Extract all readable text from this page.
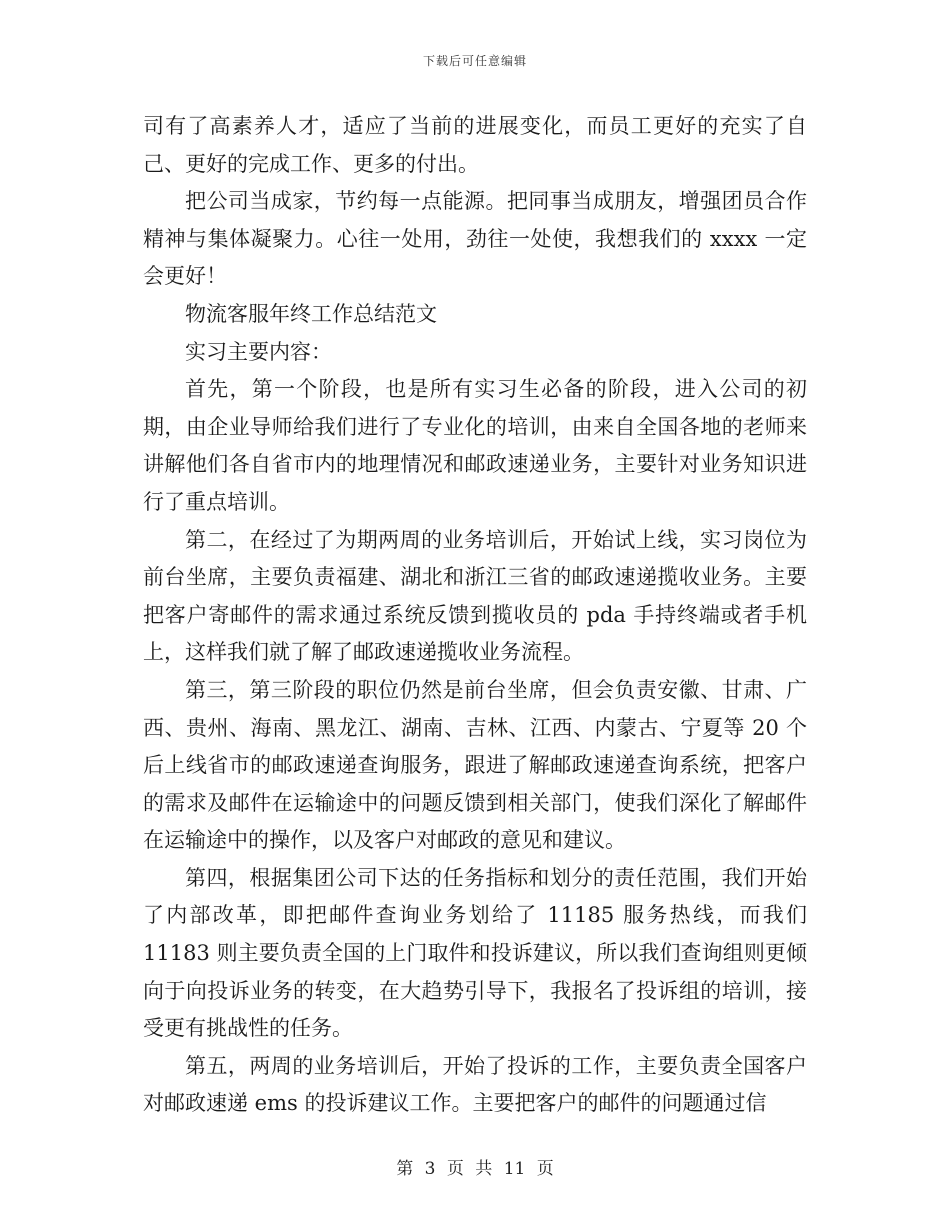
下载后可任意编辑

司有了高素养人才，适应了当前的进展变化，而员工更好的充实了自己、更好的完成工作、更多的付出。

把公司当成家，节约每一点能源。把同事当成朋友，增强团员合作精神与集体凝聚力。心往一处用，劲往一处使，我想我们的 xxxx 一定会更好！

物流客服年终工作总结范文

实习主要内容：

首先，第一个阶段，也是所有实习生必备的阶段，进入公司的初期，由企业导师给我们进行了专业化的培训，由来自全国各地的老师来讲解他们各自省市内的地理情况和邮政速递业务，主要针对业务知识进行了重点培训。

第二，在经过了为期两周的业务培训后，开始试上线，实习岗位为前台坐席，主要负责福建、湖北和浙江三省的邮政速递揽收业务。主要把客户寄邮件的需求通过系统反馈到揽收员的 pda 手持终端或者手机上，这样我们就了解了邮政速递揽收业务流程。

第三，第三阶段的职位仍然是前台坐席，但会负责安徽、甘肃、广西、贵州、海南、黑龙江、湖南、吉林、江西、内蒙古、宁夏等 20 个后上线省市的邮政速递查询服务，跟进了解邮政速递查询系统，把客户的需求及邮件在运输途中的问题反馈到相关部门，使我们深化了解邮件在运输途中的操作，以及客户对邮政的意见和建议。

第四，根据集团公司下达的任务指标和划分的责任范围，我们开始了内部改革，即把邮件查询业务划给了 11185 服务热线，而我们 11183 则主要负责全国的上门取件和投诉建议，所以我们查询组则更倾向于向投诉业务的转变，在大趋势引导下，我报名了投诉组的培训，接受更有挑战性的任务。

第五，两周的业务培训后，开始了投诉的工作，主要负责全国客户对邮政速递 ems 的投诉建议工作。主要把客户的邮件的问题通过信

第 3 页 共 11 页
